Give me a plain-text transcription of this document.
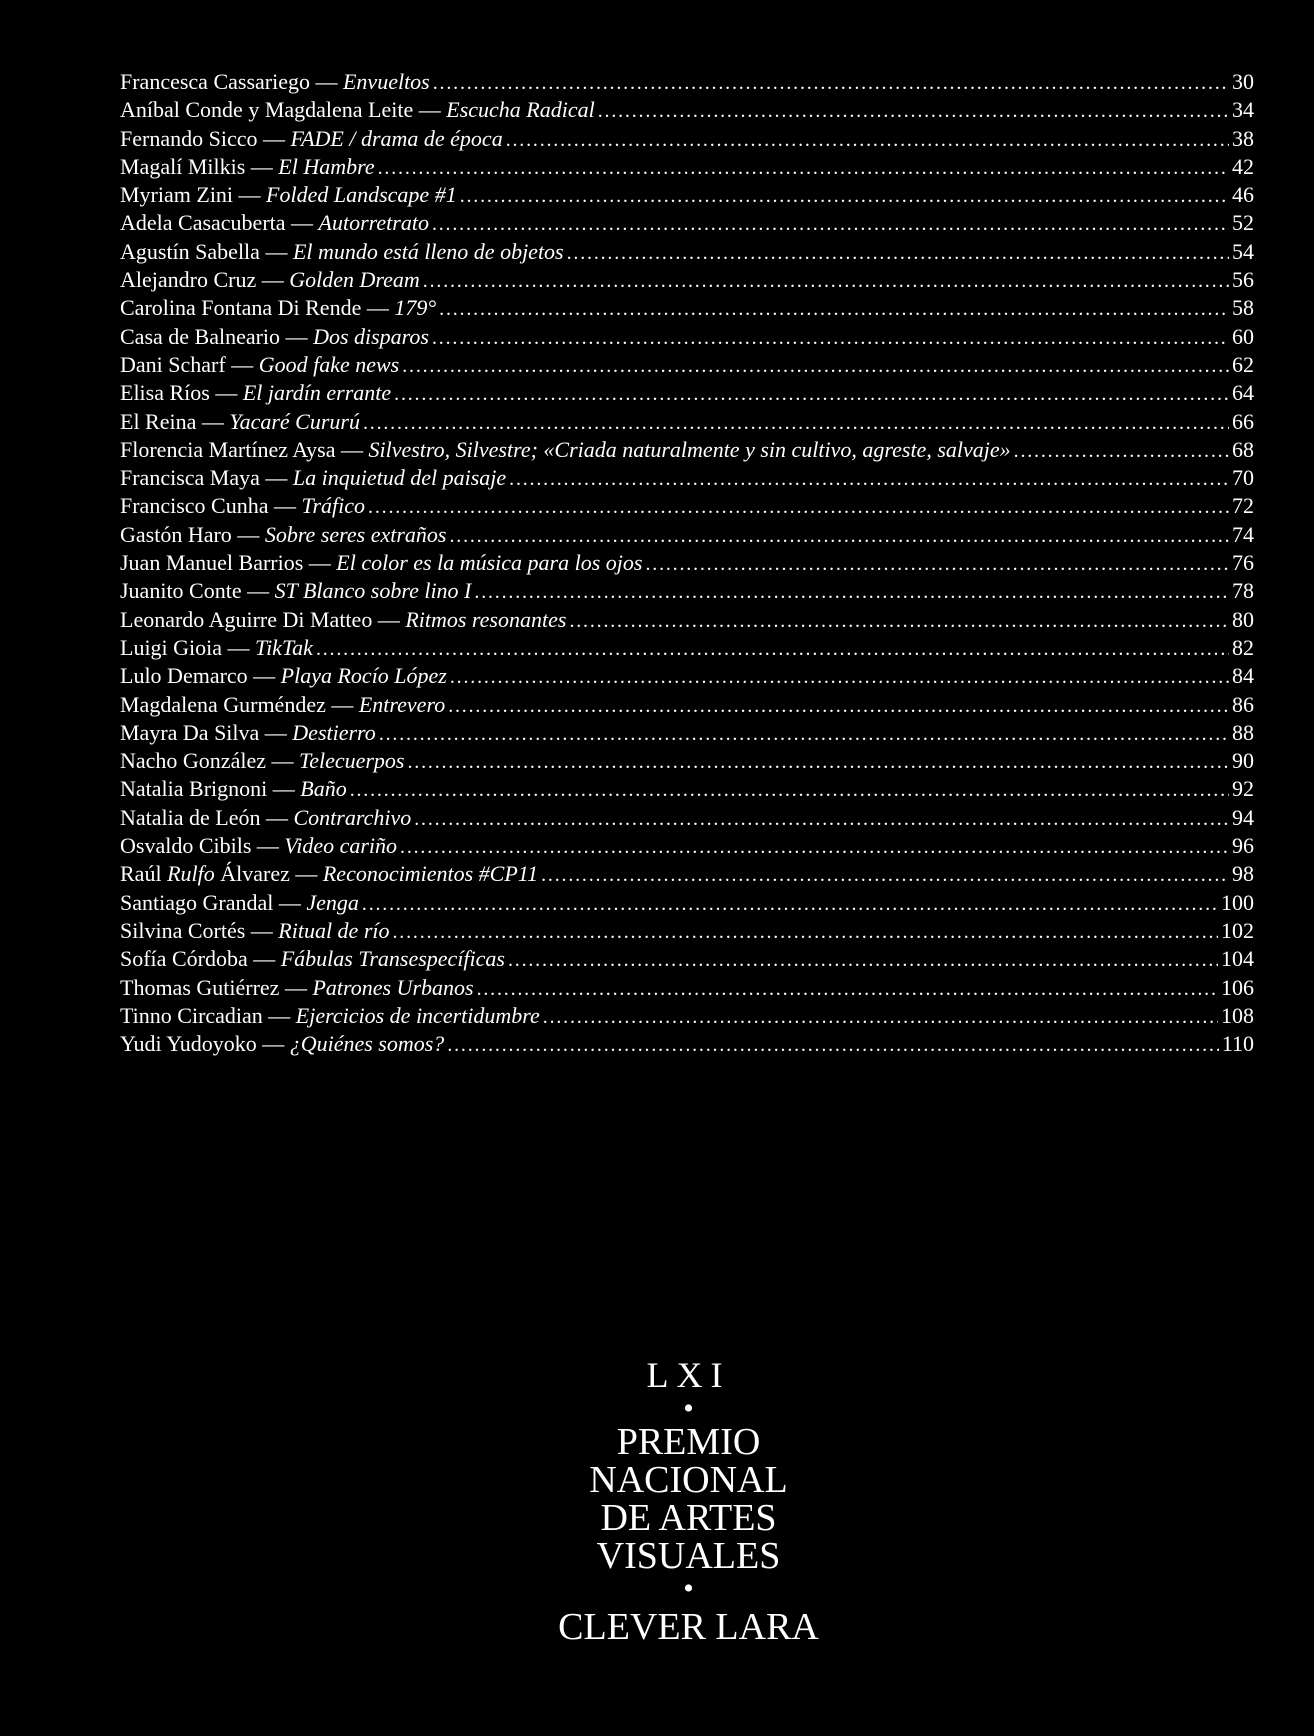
Francesca Cassariego — Envueltos . . .	30
Aníbal Conde y Magdalena Leite — Escucha Radical . . .	34
Fernando Sicco — FADE / drama de época . . .	38
Magalí Milkis — El Hambre . . .	42
Myriam Zini — Folded Landscape #1 . . .	46
Adela Casacuberta — Autorretrato . . .	52
Agustín Sabella — El mundo está lleno de objetos . . .	54
Alejandro Cruz — Golden Dream . . .	56
Carolina Fontana Di Rende — 179° . . .	58
Casa de Balneario — Dos disparos . . .	60
Dani Scharf — Good fake news . . .	62
Elisa Ríos — El jardín errante . . .	64
El Reina — Yacaré Cururú . . .	66
Florencia Martínez Aysa — Silvestro, Silvestre; «Criada naturalmente y sin cultivo, agreste, salvaje» . . .	68
Francisca Maya — La inquietud del paisaje . . .	70
Francisco Cunha — Tráfico . . .	72
Gastón Haro — Sobre seres extraños . . .	74
Juan Manuel Barrios — El color es la música para los ojos . . .	76
Juanito Conte — ST Blanco sobre lino I . . .	78
Leonardo Aguirre Di Matteo — Ritmos resonantes . . .	80
Luigi Gioia — TikTak . . .	82
Lulo Demarco — Playa Rocío López . . .	84
Magdalena Gurméndez — Entrevero . . .	86
Mayra Da Silva — Destierro . . .	88
Nacho González — Telecuerpos . . .	90
Natalia Brignoni — Baño . . .	92
Natalia de León — Contrarchivo . . .	94
Osvaldo Cibils — Video cariño . . .	96
Raúl Rulfo Álvarez — Reconocimientos #CP11 . . .	98
Santiago Grandal — Jenga . . .	100
Silvina Cortés — Ritual de río . . .	102
Sofía Córdoba — Fábulas Transespecíficas . . .	104
Thomas Gutiérrez — Patrones Urbanos . . .	106
Tinno Circadian — Ejercicios de incertidumbre . . .	108
Yudi Yudoyoko — ¿Quiénes somos? . . .	110
LXI
•
PREMIO
NACIONAL
DE ARTES
VISUALES
•
CLEVER LARA
